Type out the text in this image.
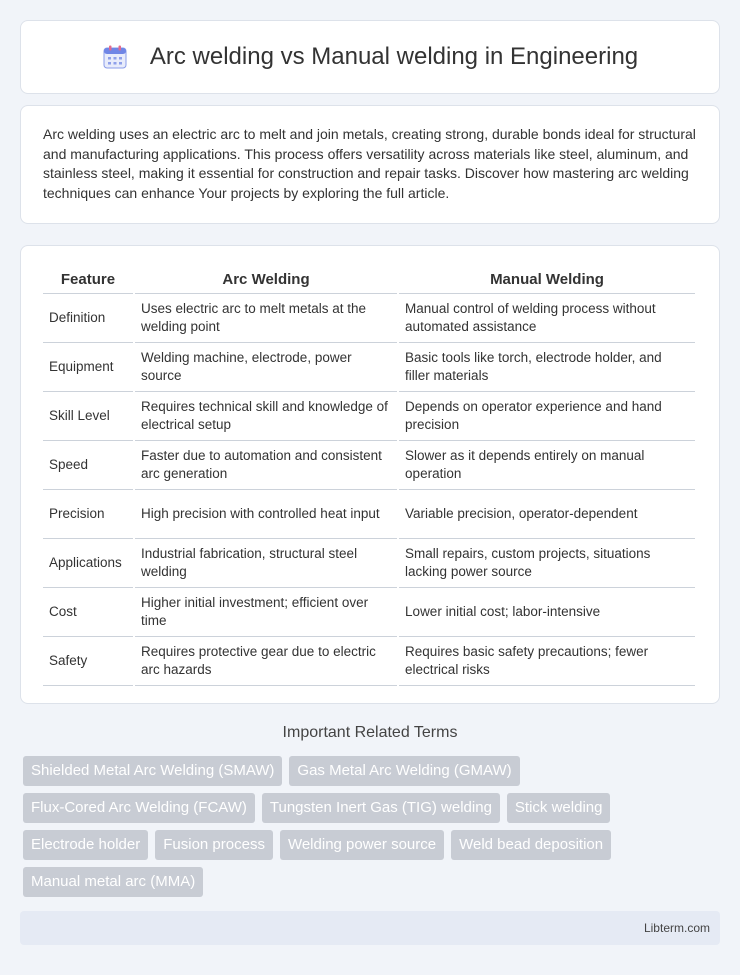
Arc welding vs Manual welding in Engineering

Arc welding uses an electric arc to melt and join metals, creating strong, durable bonds ideal for structural and manufacturing applications. This process offers versatility across materials like steel, aluminum, and stainless steel, making it essential for construction and repair tasks. Discover how mastering arc welding techniques can enhance Your projects by exploring the full article.

Feature	Arc Welding	Manual Welding
Definition	Uses electric arc to melt metals at the welding point	Manual control of welding process without automated assistance
Equipment	Welding machine, electrode, power source	Basic tools like torch, electrode holder, and filler materials
Skill Level	Requires technical skill and knowledge of electrical setup	Depends on operator experience and hand precision
Speed	Faster due to automation and consistent arc generation	Slower as it depends entirely on manual operation
Precision	High precision with controlled heat input	Variable precision, operator-dependent
Applications	Industrial fabrication, structural steel welding	Small repairs, custom projects, situations lacking power source
Cost	Higher initial investment; efficient over time	Lower initial cost; labor-intensive
Safety	Requires protective gear due to electric arc hazards	Requires basic safety precautions; fewer electrical risks
Important Related Terms
Shielded Metal Arc Welding (SMAW)	Gas Metal Arc Welding (GMAW)
Flux-Cored Arc Welding (FCAW)	Tungsten Inert Gas (TIG) welding	Stick welding
Electrode holder	Fusion process	Welding power source	Weld bead deposition
Manual metal arc (MMA)
Libterm.com
